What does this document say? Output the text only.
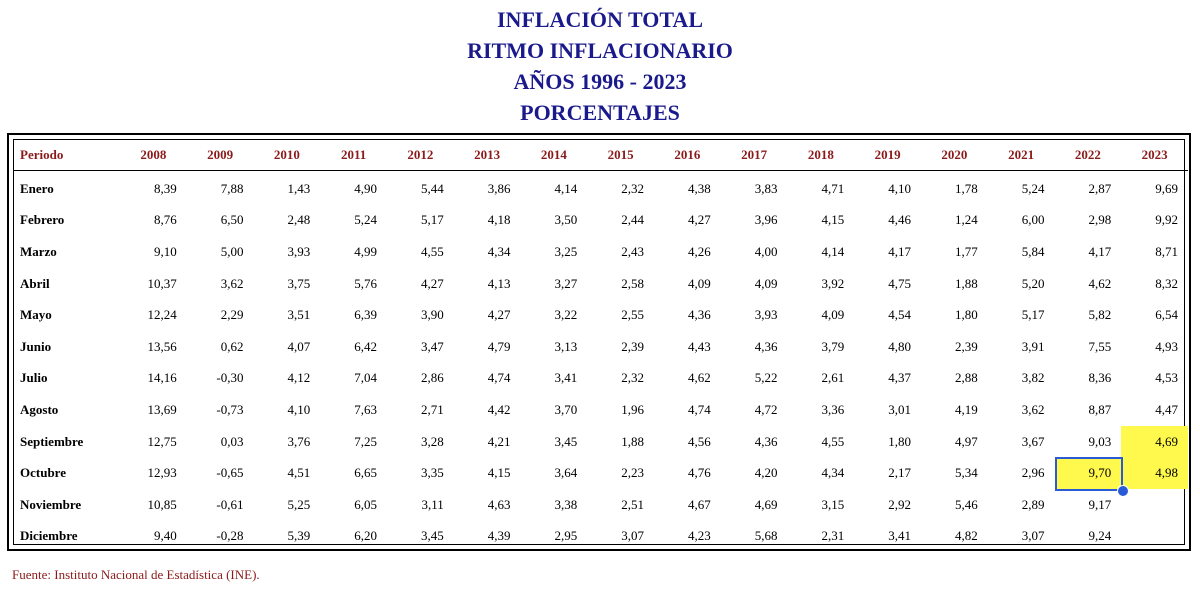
INFLACIÓN TOTAL
RITMO INFLACIONARIO
AÑOS 1996 - 2023
PORCENTAJES
Periodo	2008	2009	2010	2011	2012	2013	2014	2015	2016	2017	2018	2019	2020	2021	2022	2023
Enero	8,39	7,88	1,43	4,90	5,44	3,86	4,14	2,32	4,38	3,83	4,71	4,10	1,78	5,24	2,87	9,69
Febrero	8,76	6,50	2,48	5,24	5,17	4,18	3,50	2,44	4,27	3,96	4,15	4,46	1,24	6,00	2,98	9,92
Marzo	9,10	5,00	3,93	4,99	4,55	4,34	3,25	2,43	4,26	4,00	4,14	4,17	1,77	5,84	4,17	8,71
Abril	10,37	3,62	3,75	5,76	4,27	4,13	3,27	2,58	4,09	4,09	3,92	4,75	1,88	5,20	4,62	8,32
Mayo	12,24	2,29	3,51	6,39	3,90	4,27	3,22	2,55	4,36	3,93	4,09	4,54	1,80	5,17	5,82	6,54
Junio	13,56	0,62	4,07	6,42	3,47	4,79	3,13	2,39	4,43	4,36	3,79	4,80	2,39	3,91	7,55	4,93
Julio	14,16	-0,30	4,12	7,04	2,86	4,74	3,41	2,32	4,62	5,22	2,61	4,37	2,88	3,82	8,36	4,53
Agosto	13,69	-0,73	4,10	7,63	2,71	4,42	3,70	1,96	4,74	4,72	3,36	3,01	4,19	3,62	8,87	4,47
Septiembre	12,75	0,03	3,76	7,25	3,28	4,21	3,45	1,88	4,56	4,36	4,55	1,80	4,97	3,67	9,03	4,69
Octubre	12,93	-0,65	4,51	6,65	3,35	4,15	3,64	2,23	4,76	4,20	4,34	2,17	5,34	2,96	9,70	4,98
Noviembre	10,85	-0,61	5,25	6,05	3,11	4,63	3,38	2,51	4,67	4,69	3,15	2,92	5,46	2,89	9,17	
Diciembre	9,40	-0,28	5,39	6,20	3,45	4,39	2,95	3,07	4,23	5,68	2,31	3,41	4,82	3,07	9,24	
Fuente: Instituto Nacional de Estadística (INE).
